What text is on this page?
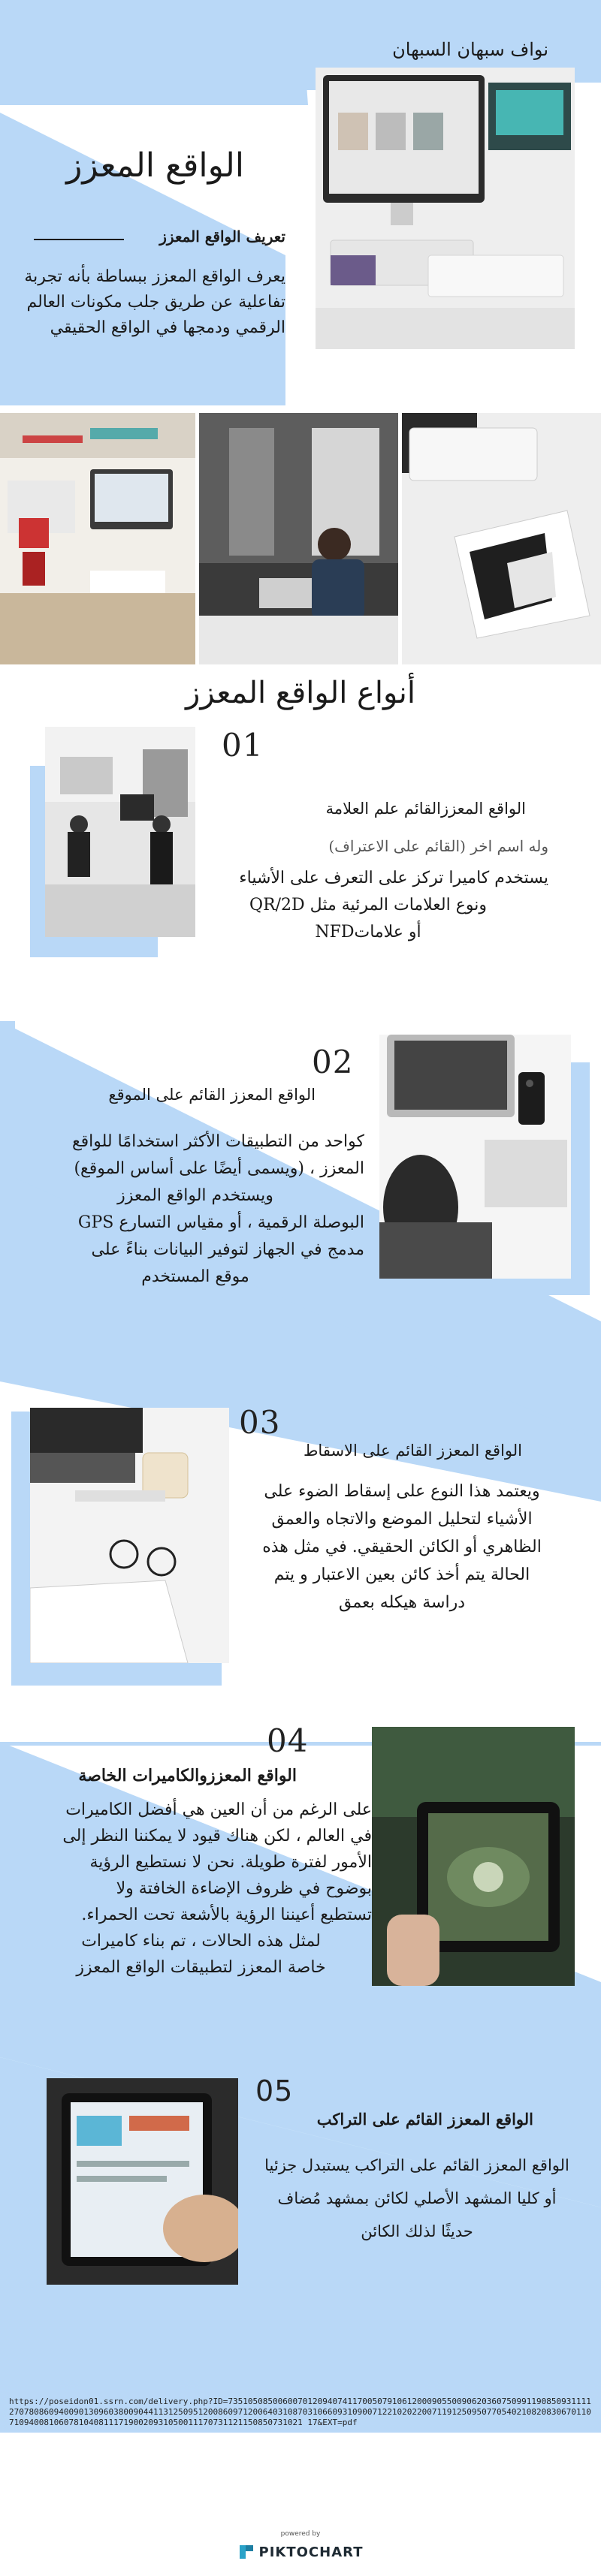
نواف سبهان السبهان
الواقع المعزز
تعريف الواقع المعزز
يعرف الواقع المعزز ببساطة بأنه تجربة تفاعلية عن طريق جلب مكونات العالم الرقمي ودمجها في الواقع الحقيقي
أنواع الواقع المعزز
01
الواقع المعززالقائم علم العلامة
وله اسم اخر (القائم على الاعتراف)
يستخدم كاميرا تركز على التعرف على الأشياء
ونوع العلامات المرئية مثل QR/2D
أو علاماتNFD
02
الواقع المعزز القائم على الموقع
كواحد من التطبيقات الأكثر استخدامًا للواقع
المعزز ، (ويسمى أيضًا على أساس الموقع)
ويستخدم الواقع المعزز
البوصلة الرقمية ، أو مقياس التسارع GPS
مدمج في الجهاز لتوفير البيانات بناءً على
موقع المستخدم
03
الواقع المعزز القائم على الاسقاط
ويعتمد هذا النوع على إسقاط الضوء على
الأشياء لتحليل الموضع والاتجاه والعمق
الظاهري أو الكائن الحقيقي. في مثل هذه
الحالة يتم أخذ كائن بعين الاعتبار و يتم
دراسة هيكله بعمق
04
الواقع المعززوالكاميرات الخاصة
على الرغم من أن العين هي أفضل الكاميرات
في العالم ، لكن هناك قيود لا يمكننا النظر إلى
الأمور لفترة طويلة. نحن لا نستطيع الرؤية
بوضوح في ظروف الإضاءة الخافتة ولا
تستطيع أعيننا الرؤية بالأشعة تحت الحمراء.
لمثل هذه الحالات ، تم بناء كاميرات
خاصة المعزز لتطبيقات الواقع المعزز
05
الواقع المعزز القائم على التراكب
الواقع المعزز القائم على التراكب يستبدل جزئيا
أو كليا المشهد الأصلي لكائن بمشهد مُضاف
حديثًا لذلك الكائن
https://poseidon01.ssrn.com/delivery.php?ID=735105085006007012094074117005079106120009055009062036075099119085093111127078086094009013096038009044113125095120086097120064031087031066093109007122102022007119125095077054021082083067011071094008106078104081117190020931050011170731121150850731021 17&EXT=pdf
powered by
PIKTOCHART
